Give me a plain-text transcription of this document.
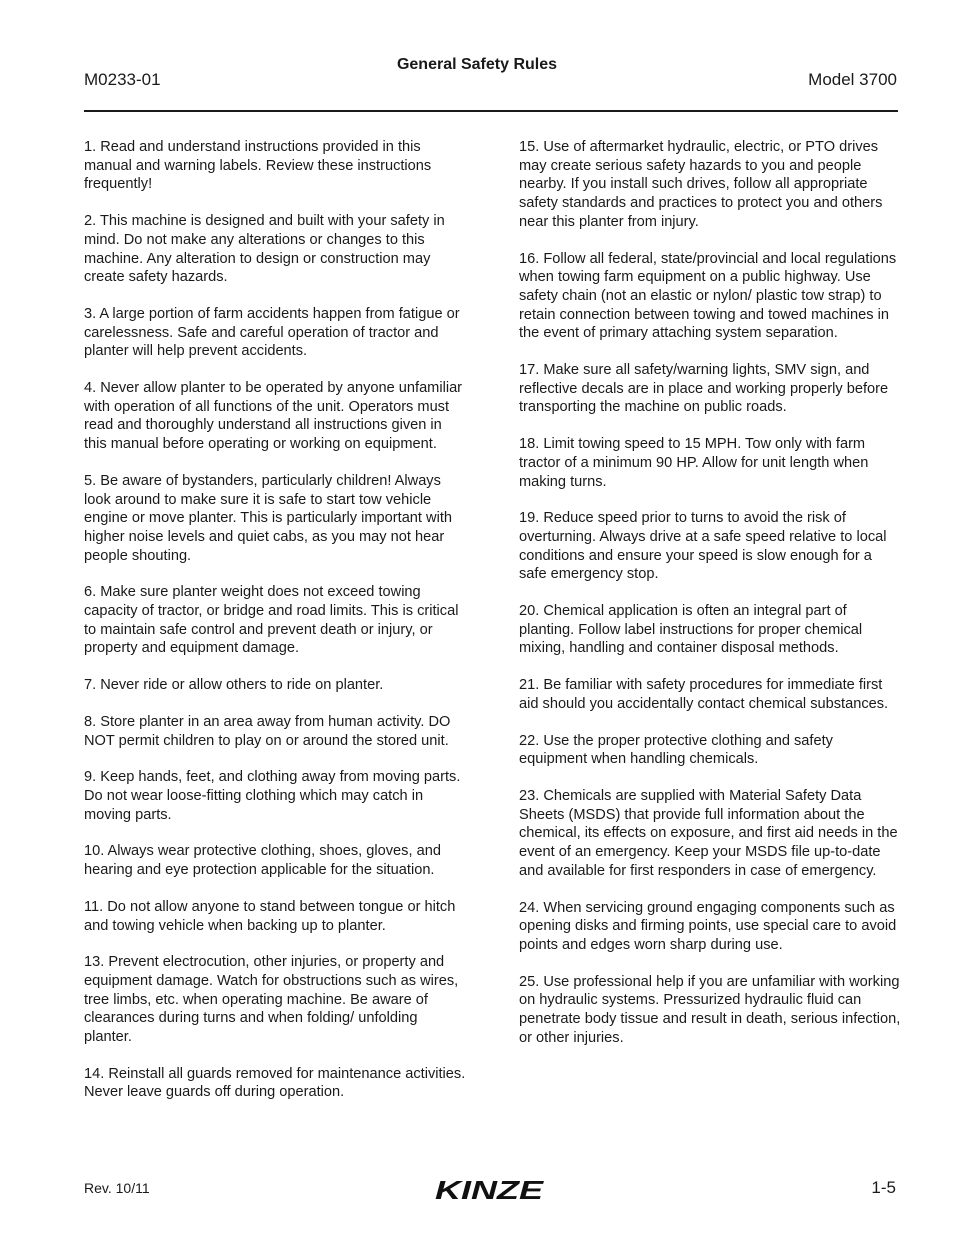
M0233-01
General Safety Rules
Model 3700

1. Read and understand instructions provided in this manual and warning labels. Review these instructions frequently!

2. This machine is designed and built with your safety in mind. Do not make any alterations or changes to this machine. Any alteration to design or construction may create safety hazards.

3. A large portion of farm accidents happen from fatigue or carelessness. Safe and careful operation of tractor and planter will help prevent accidents.

4. Never allow planter to be operated by anyone unfamiliar with operation of all functions of the unit. Operators must read and thoroughly understand all instructions given in this manual before operating or working on equipment.

5. Be aware of bystanders, particularly children! Always look around to make sure it is safe to start tow vehicle engine or move planter. This is particularly important with higher noise levels and quiet cabs, as you may not hear people shouting.

6. Make sure planter weight does not exceed towing capacity of tractor, or bridge and road limits. This is critical to maintain safe control and prevent death or injury, or property and equipment damage.

7. Never ride or allow others to ride on planter.

8. Store planter in an area away from human activity. DO NOT permit children to play on or around the stored unit.

9. Keep hands, feet, and clothing away from moving parts. Do not wear loose-fitting clothing which may catch in moving parts.

10. Always wear protective clothing, shoes, gloves, and hearing and eye protection applicable for the situation.

11. Do not allow anyone to stand between tongue or hitch and towing vehicle when backing up to planter.

13. Prevent electrocution, other injuries, or property and equipment damage. Watch for obstructions such as wires, tree limbs, etc. when operating machine. Be aware of clearances during turns and when folding/ unfolding planter.

14. Reinstall all guards removed for maintenance activities. Never leave guards off during operation.

15. Use of aftermarket hydraulic, electric, or PTO drives may create serious safety hazards to you and people nearby. If you install such drives, follow all appropriate safety standards and practices to protect you and others near this planter from injury.

16. Follow all federal, state/provincial and local regulations when towing farm equipment on a public highway. Use safety chain (not an elastic or nylon/ plastic tow strap) to retain connection between towing and towed machines in the event of primary attaching system separation.

17. Make sure all safety/warning lights, SMV sign, and reflective decals are in place and working properly before transporting the machine on public roads.

18. Limit towing speed to 15 MPH. Tow only with farm tractor of a minimum 90 HP. Allow for unit length when making turns.

19. Reduce speed prior to turns to avoid the risk of overturning. Always drive at a safe speed relative to local conditions and ensure your speed is slow enough for a safe emergency stop.

20. Chemical application is often an integral part of planting. Follow label instructions for proper chemical mixing, handling and container disposal methods.

21. Be familiar with safety procedures for immediate first aid should you accidentally contact chemical substances.

22. Use the proper protective clothing and safety equipment when handling chemicals.

23. Chemicals are supplied with Material Safety Data Sheets (MSDS) that provide full information about the chemical, its effects on exposure, and first aid needs in the event of an emergency. Keep your MSDS file up-to-date and available for first responders in case of emergency.

24. When servicing ground engaging components such as opening disks and firming points, use special care to avoid points and edges worn sharp during use.

25. Use professional help if you are unfamiliar with working on hydraulic systems. Pressurized hydraulic fluid can penetrate body tissue and result in death, serious infection, or other injuries.

Rev. 10/11	KINZE	1-5
